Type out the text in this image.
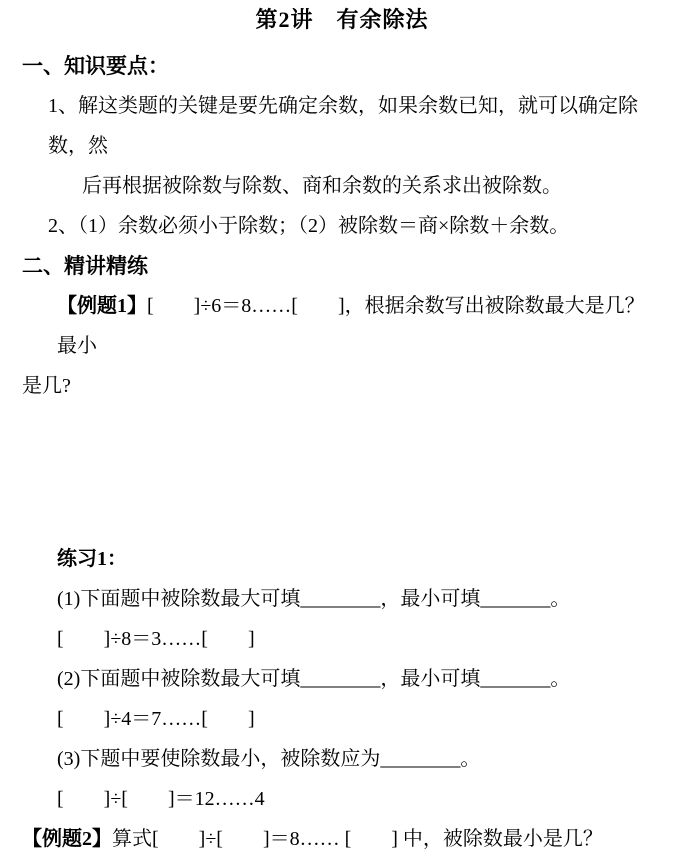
第2讲　有余除法

一、知识要点：

1、解这类题的关键是要先确定余数，如果余数已知，就可以确定除数，然

后再根据被除数与除数、商和余数的关系求出被除数。

2、（1）余数必须小于除数；（2）被除数＝商×除数＋余数。

二、精讲精练

【例题1】[　　]÷6＝8……[　　]，根据余数写出被除数最大是几？最小

是几?

练习1：

(1)下面题中被除数最大可填________，最小可填_______。

[　　]÷8＝3……[　　]

(2)下面题中被除数最大可填________，最小可填_______。

[　　]÷4＝7……[　　]

(3)下题中要使除数最小，被除数应为________。

[　　]÷[　　]＝12……4

【例题2】算式[　　]÷[　　]＝8…… [　　] 中，被除数最小是几？
